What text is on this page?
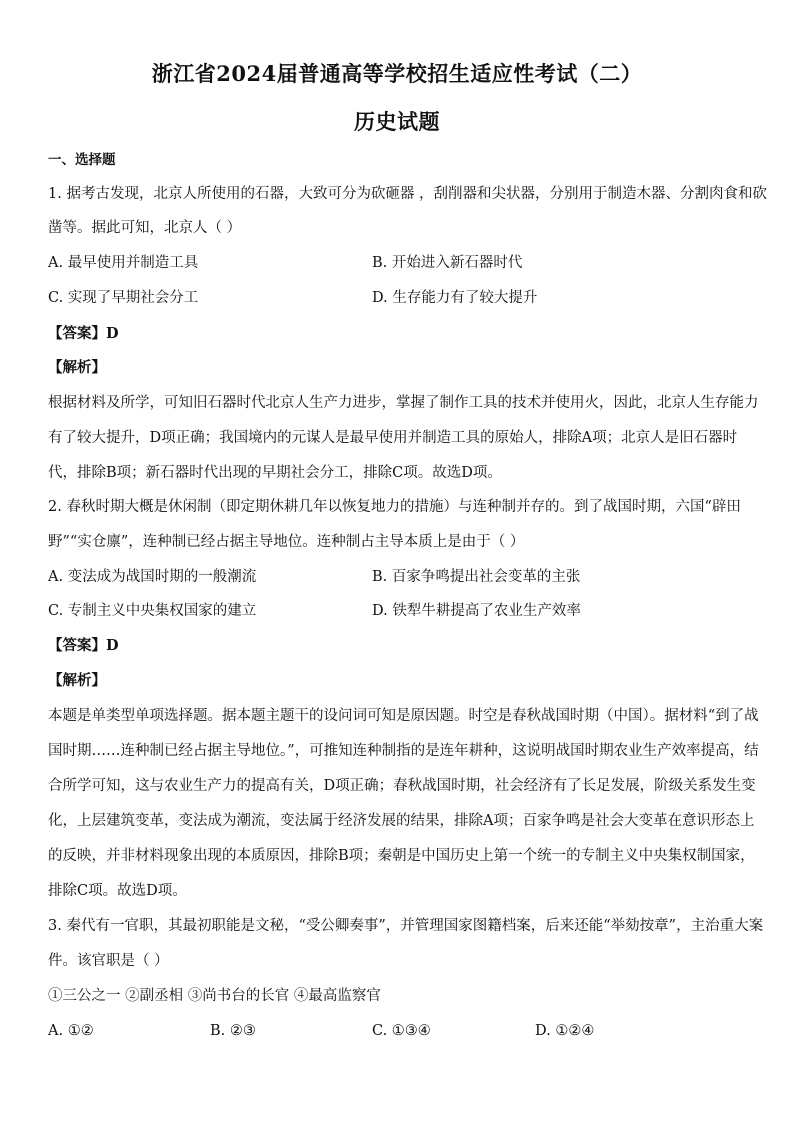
浙江省2024届普通高等学校招生适应性考试（二）
历史试题
一、选择题
1. 据考古发现，北京人所使用的石器，大致可分为砍砸器 ，刮削器和尖状器，分别用于制造木器、分割肉食和砍
凿等。据此可知，北京人（ ）
A. 最早使用并制造工具	B. 开始进入新石器时代
C. 实现了早期社会分工	D. 生存能力有了较大提升
【答案】D
【解析】
根据材料及所学，可知旧石器时代北京人生产力进步，掌握了制作工具的技术并使用火，因此，北京人生存能力
有了较大提升，D项正确；我国境内的元谋人是最早使用并制造工具的原始人，排除A项；北京人是旧石器时
代，排除B项；新石器时代出现的早期社会分工，排除C项。故选D项。
2. 春秋时期大概是休闲制（即定期休耕几年以恢复地力的措施）与连种制并存的。到了战国时期，六国“辟田
野”“实仓廪”，连种制已经占据主导地位。连种制占主导本质上是由于（ ）
A. 变法成为战国时期的一般潮流	B. 百家争鸣提出社会变革的主张
C. 专制主义中央集权国家的建立	D. 铁犁牛耕提高了农业生产效率
【答案】D
【解析】
本题是单类型单项选择题。据本题主题干的设问词可知是原因题。时空是春秋战国时期（中国）。据材料“到了战
国时期……连种制已经占据主导地位。”，可推知连种制指的是连年耕种，这说明战国时期农业生产效率提高，结
合所学可知，这与农业生产力的提高有关，D项正确；春秋战国时期，社会经济有了长足发展，阶级关系发生变
化，上层建筑变革，变法成为潮流，变法属于经济发展的结果，排除A项；百家争鸣是社会大变革在意识形态上
的反映，并非材料现象出现的本质原因，排除B项；秦朝是中国历史上第一个统一的专制主义中央集权制国家，
排除C项。故选D项。
3. 秦代有一官职，其最初职能是文秘，“受公卿奏事”，并管理国家图籍档案，后来还能“举劾按章”，主治重大案
件。该官职是（ ）
①三公之一 ②副丞相 ③尚书台的长官 ④最高监察官
A. ①②	B. ②③	C. ①③④	D. ①②④
